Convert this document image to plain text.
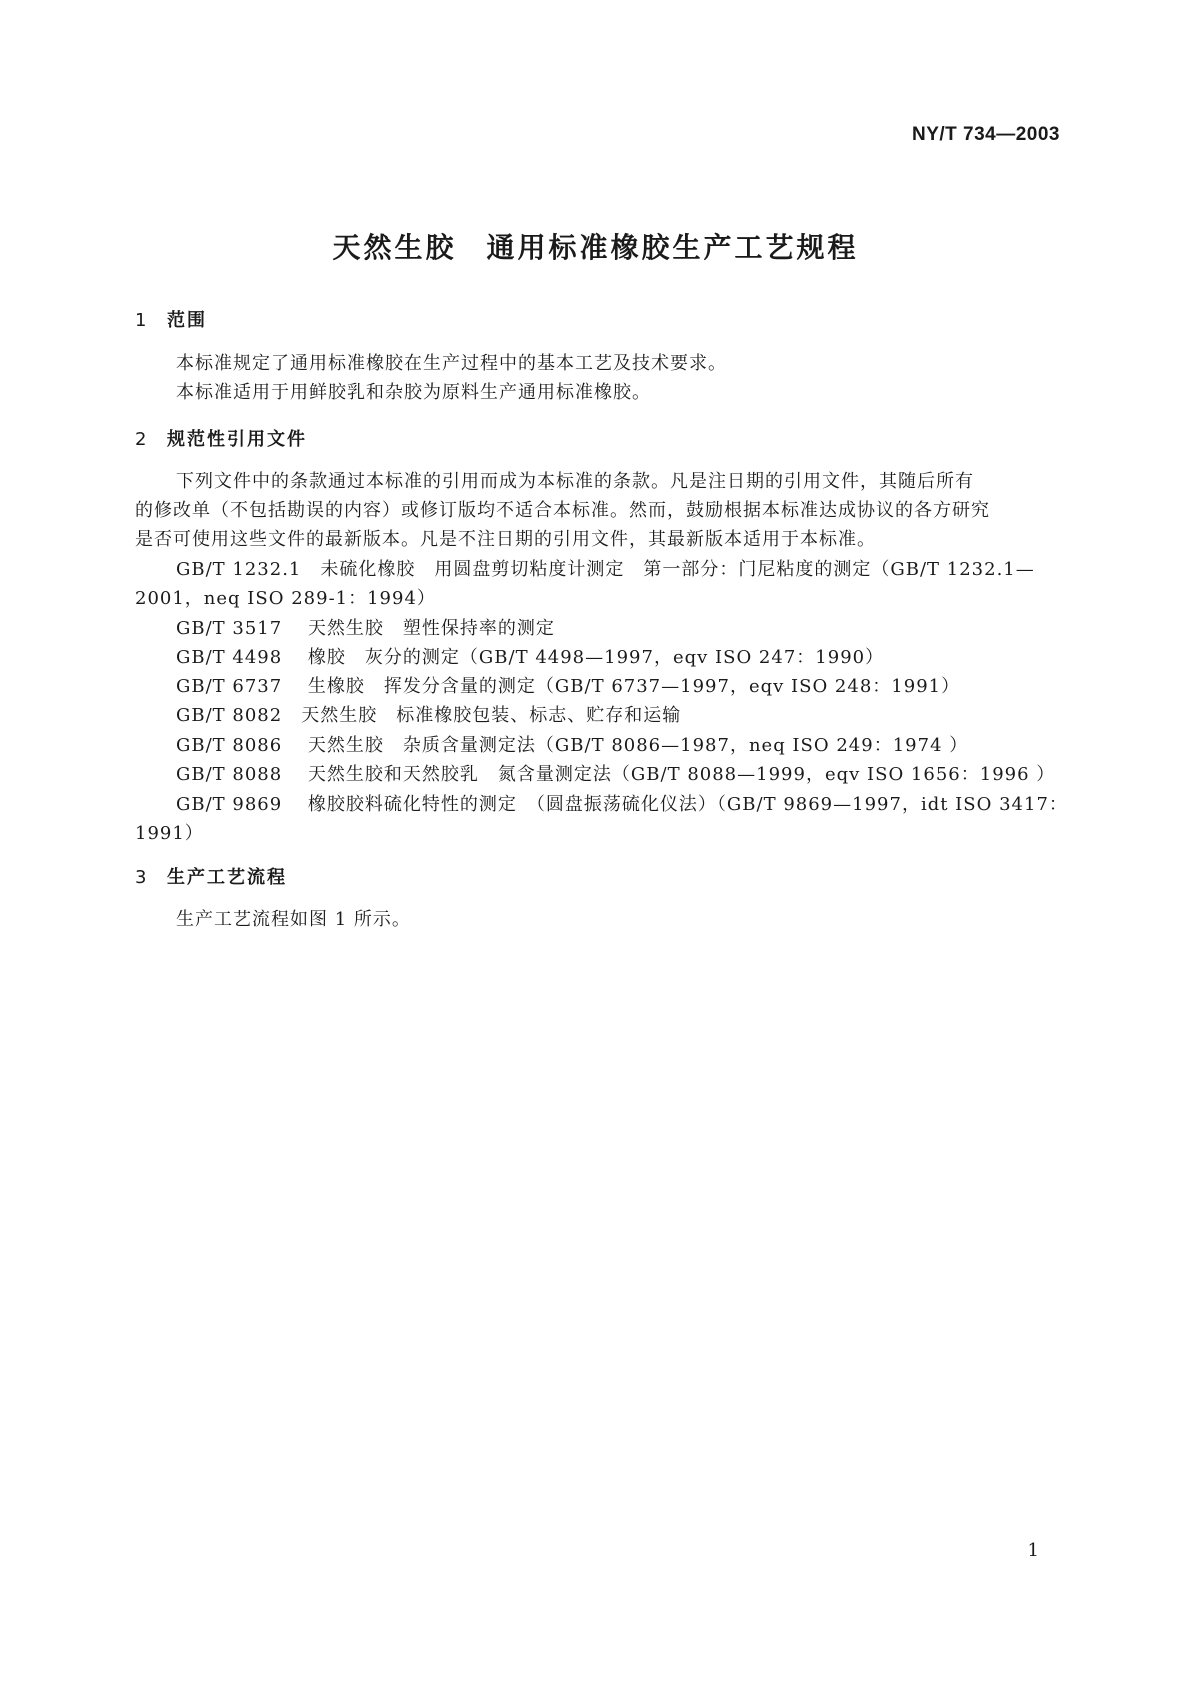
NY/T 734—2003
天然生胶 通用标准橡胶生产工艺规程
1 范围
本标准规定了通用标准橡胶在生产过程中的基本工艺及技术要求。
本标准适用于用鲜胶乳和杂胶为原料生产通用标准橡胶。
2 规范性引用文件
下列文件中的条款通过本标准的引用而成为本标准的条款。凡是注日期的引用文件，其随后所有
的修改单（不包括勘误的内容）或修订版均不适合本标准。然而，鼓励根据本标准达成协议的各方研究
是否可使用这些文件的最新版本。凡是不注日期的引用文件，其最新版本适用于本标准。
GB/T 1232.1　未硫化橡胶　用圆盘剪切粘度计测定　第一部分：门尼粘度的测定（GB/T 1232.1—
2001，neq ISO 289-1：1994）
GB/T 3517　 天然生胶　塑性保持率的测定
GB/T 4498　 橡胶　灰分的测定（GB/T 4498—1997，eqv ISO 247：1990）
GB/T 6737　 生橡胶　挥发分含量的测定（GB/T 6737—1997，eqv ISO 248：1991）
GB/T 8082　天然生胶　标准橡胶包装、标志、贮存和运输
GB/T 8086　 天然生胶　杂质含量测定法（GB/T 8086—1987，neq ISO 249：1974 ）
GB/T 8088　 天然生胶和天然胶乳　氮含量测定法（GB/T 8088—1999，eqv ISO 1656：1996 ）
GB/T 9869　 橡胶胶料硫化特性的测定　（圆盘振荡硫化仪法）（GB/T 9869—1997，idt ISO 3417：
1991）
3 生产工艺流程
生产工艺流程如图 1 所示。
1
